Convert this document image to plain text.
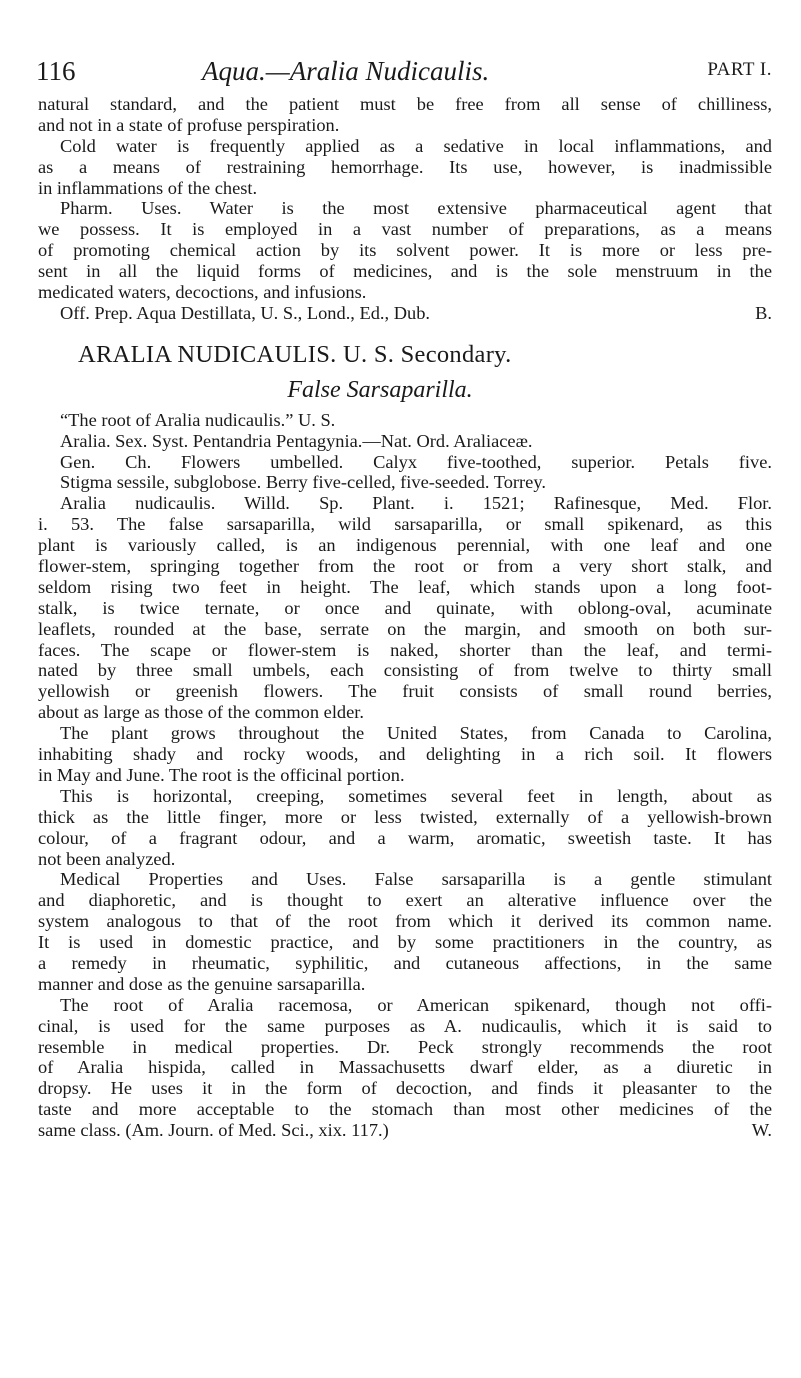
116	Aqua.—Aralia Nudicaulis.	PART I.
natural standard, and the patient must be free from all sense of chilliness,
and not in a state of profuse perspiration.
Cold water is frequently applied as a sedative in local inflammations, and
as a means of restraining hemorrhage. Its use, however, is inadmissible
in inflammations of the chest.
Pharm. Uses. Water is the most extensive pharmaceutical agent that
we possess. It is employed in a vast number of preparations, as a means
of promoting chemical action by its solvent power. It is more or less pre-
sent in all the liquid forms of medicines, and is the sole menstruum in the
medicated waters, decoctions, and infusions.
Off. Prep. Aqua Destillata, U. S., Lond., Ed., Dub.	B.
ARALIA NUDICAULIS. U. S. Secondary.
False Sarsaparilla.
“The root of Aralia nudicaulis.” U. S.
Aralia. Sex. Syst. Pentandria Pentagynia.—Nat. Ord. Araliaceæ.
Gen. Ch. Flowers umbelled. Calyx five-toothed, superior. Petals five.
Stigma sessile, subglobose. Berry five-celled, five-seeded. Torrey.
Aralia nudicaulis. Willd. Sp. Plant. i. 1521; Rafinesque, Med. Flor.
i. 53. The false sarsaparilla, wild sarsaparilla, or small spikenard, as this
plant is variously called, is an indigenous perennial, with one leaf and one
flower-stem, springing together from the root or from a very short stalk, and
seldom rising two feet in height. The leaf, which stands upon a long foot-
stalk, is twice ternate, or once and quinate, with oblong-oval, acuminate
leaflets, rounded at the base, serrate on the margin, and smooth on both sur-
faces. The scape or flower-stem is naked, shorter than the leaf, and termi-
nated by three small umbels, each consisting of from twelve to thirty small
yellowish or greenish flowers. The fruit consists of small round berries,
about as large as those of the common elder.
The plant grows throughout the United States, from Canada to Carolina,
inhabiting shady and rocky woods, and delighting in a rich soil. It flowers
in May and June. The root is the officinal portion.
This is horizontal, creeping, sometimes several feet in length, about as
thick as the little finger, more or less twisted, externally of a yellowish-brown
colour, of a fragrant odour, and a warm, aromatic, sweetish taste. It has
not been analyzed.
Medical Properties and Uses. False sarsaparilla is a gentle stimulant
and diaphoretic, and is thought to exert an alterative influence over the
system analogous to that of the root from which it derived its common name.
It is used in domestic practice, and by some practitioners in the country, as
a remedy in rheumatic, syphilitic, and cutaneous affections, in the same
manner and dose as the genuine sarsaparilla.
The root of Aralia racemosa, or American spikenard, though not offi-
cinal, is used for the same purposes as A. nudicaulis, which it is said to
resemble in medical properties. Dr. Peck strongly recommends the root
of Aralia hispida, called in Massachusetts dwarf elder, as a diuretic in
dropsy. He uses it in the form of decoction, and finds it pleasanter to the
taste and more acceptable to the stomach than most other medicines of the
same class. (Am. Journ. of Med. Sci., xix. 117.)	W.
